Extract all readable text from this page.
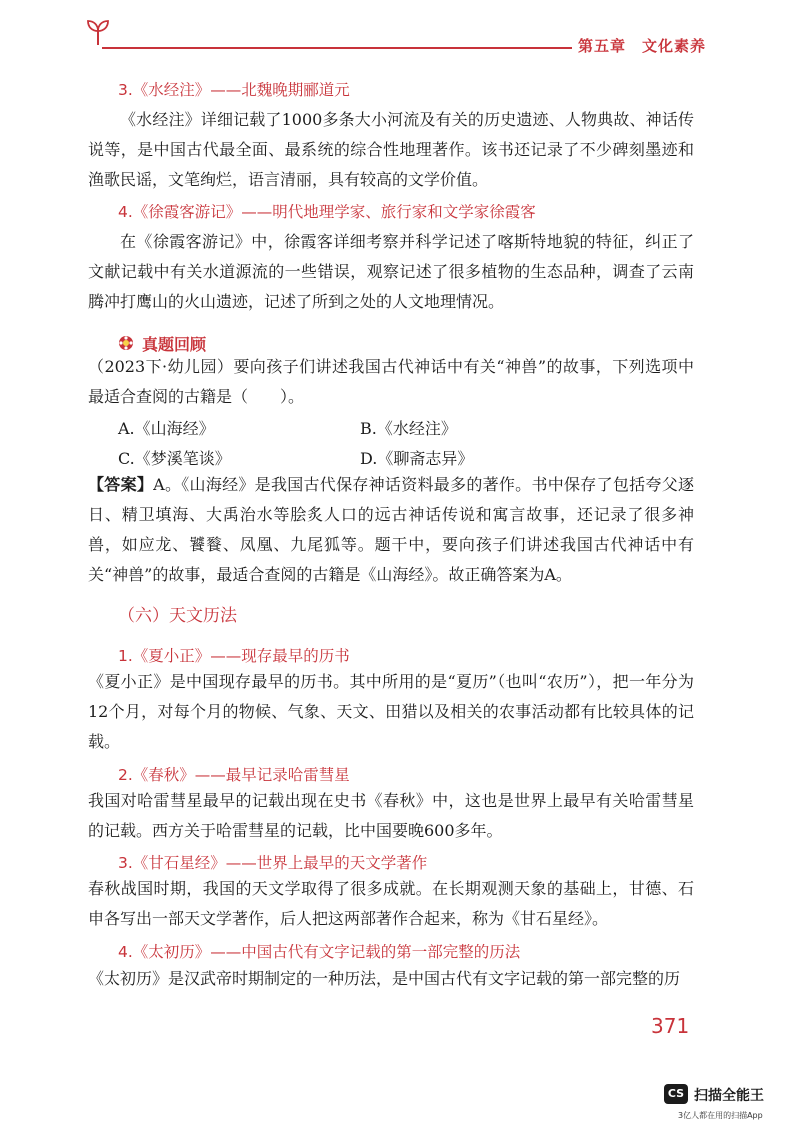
第五章　文化素养
3.《水经注》——北魏晚期郦道元
《水经注》详细记载了1000多条大小河流及有关的历史遗迹、人物典故、神话传说等，是中国古代最全面、最系统的综合性地理著作。该书还记录了不少碑刻墨迹和渔歌民谣，文笔绚烂，语言清丽，具有较高的文学价值。
4.《徐霞客游记》——明代地理学家、旅行家和文学家徐霞客
在《徐霞客游记》中，徐霞客详细考察并科学记述了喀斯特地貌的特征，纠正了文献记载中有关水道源流的一些错误，观察记述了很多植物的生态品种，调查了云南腾冲打鹰山的火山遗迹，记述了所到之处的人文地理情况。
真题回顾
（2023下·幼儿园）要向孩子们讲述我国古代神话中有关“神兽”的故事，下列选项中最适合查阅的古籍是（　　）。
A.《山海经》	B.《水经注》
C.《梦溪笔谈》	D.《聊斋志异》
【答案】A。《山海经》是我国古代保存神话资料最多的著作。书中保存了包括夸父逐日、精卫填海、大禹治水等脍炙人口的远古神话传说和寓言故事，还记录了很多神兽，如应龙、饕餮、凤凰、九尾狐等。题干中，要向孩子们讲述我国古代神话中有关“神兽”的故事，最适合查阅的古籍是《山海经》。故正确答案为A。
（六）天文历法
1.《夏小正》——现存最早的历书
《夏小正》是中国现存最早的历书。其中所用的是“夏历”（也叫“农历”），把一年分为12个月，对每个月的物候、气象、天文、田猎以及相关的农事活动都有比较具体的记载。
2.《春秋》——最早记录哈雷彗星
我国对哈雷彗星最早的记载出现在史书《春秋》中，这也是世界上最早有关哈雷彗星的记载。西方关于哈雷彗星的记载，比中国要晚600多年。
3.《甘石星经》——世界上最早的天文学著作
春秋战国时期，我国的天文学取得了很多成就。在长期观测天象的基础上，甘德、石申各写出一部天文学著作，后人把这两部著作合起来，称为《甘石星经》。
4.《太初历》——中国古代有文字记载的第一部完整的历法
《太初历》是汉武帝时期制定的一种历法，是中国古代有文字记载的第一部完整的历
371
CS 扫描全能王
3亿人都在用的扫描App
